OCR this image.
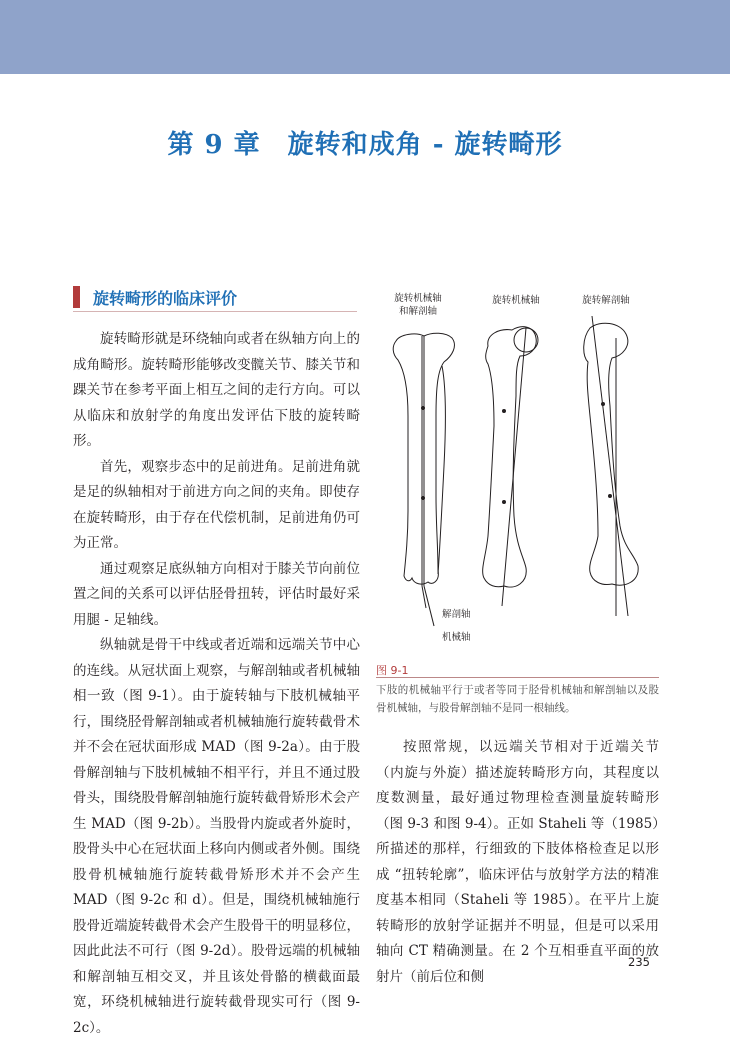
第 9 章　旋转和成角 - 旋转畸形
旋转畸形的临床评价

旋转畸形就是环绕轴向或者在纵轴方向上的成角畸形。旋转畸形能够改变髋关节、膝关节和踝关节在参考平面上相互之间的走行方向。可以从临床和放射学的角度出发评估下肢的旋转畸形。

首先，观察步态中的足前进角。足前进角就是足的纵轴相对于前进方向之间的夹角。即使存在旋转畸形，由于存在代偿机制，足前进角仍可为正常。

通过观察足底纵轴方向相对于膝关节向前位置之间的关系可以评估胫骨扭转，评估时最好采用腿 - 足轴线。

纵轴就是骨干中线或者近端和远端关节中心的连线。从冠状面上观察，与解剖轴或者机械轴相一致（图 9-1）。由于旋转轴与下肢机械轴平行，围绕胫骨解剖轴或者机械轴施行旋转截骨术并不会在冠状面形成 MAD（图 9-2a）。由于股骨解剖轴与下肢机械轴不相平行，并且不通过股骨头，围绕股骨解剖轴施行旋转截骨矫形术会产生 MAD（图 9-2b）。当股骨内旋或者外旋时，股骨头中心在冠状面上移向内侧或者外侧。围绕股骨机械轴施行旋转截骨矫形术并不会产生 MAD（图 9-2c 和 d）。但是，围绕机械轴施行股骨近端旋转截骨术会产生股骨干的明显移位，因此此法不可行（图 9-2d）。股骨远端的机械轴和解剖轴互相交叉，并且该处骨骼的横截面最宽，环绕机械轴进行旋转截骨现实可行（图 9-2c）。

旋转机械轴
和解剖轴
旋转机械轴	旋转解剖轴
解剖轴
机械轴
图 9-1
下肢的机械轴平行于或者等同于胫骨机械轴和解剖轴以及股骨机械轴，与股骨解剖轴不是同一根轴线。

按照常规，以远端关节相对于近端关节（内旋与外旋）描述旋转畸形方向，其程度以度数测量，最好通过物理检查测量旋转畸形（图 9-3 和图 9-4）。正如 Staheli 等（1985）所描述的那样，行细致的下肢体格检查足以形成 “扭转轮廓”，临床评估与放射学方法的精准度基本相同（Staheli 等 1985）。在平片上旋转畸形的放射学证据并不明显，但是可以采用轴向 CT 精确测量。在 2 个互相垂直平面的放射片（前后位和侧

235
